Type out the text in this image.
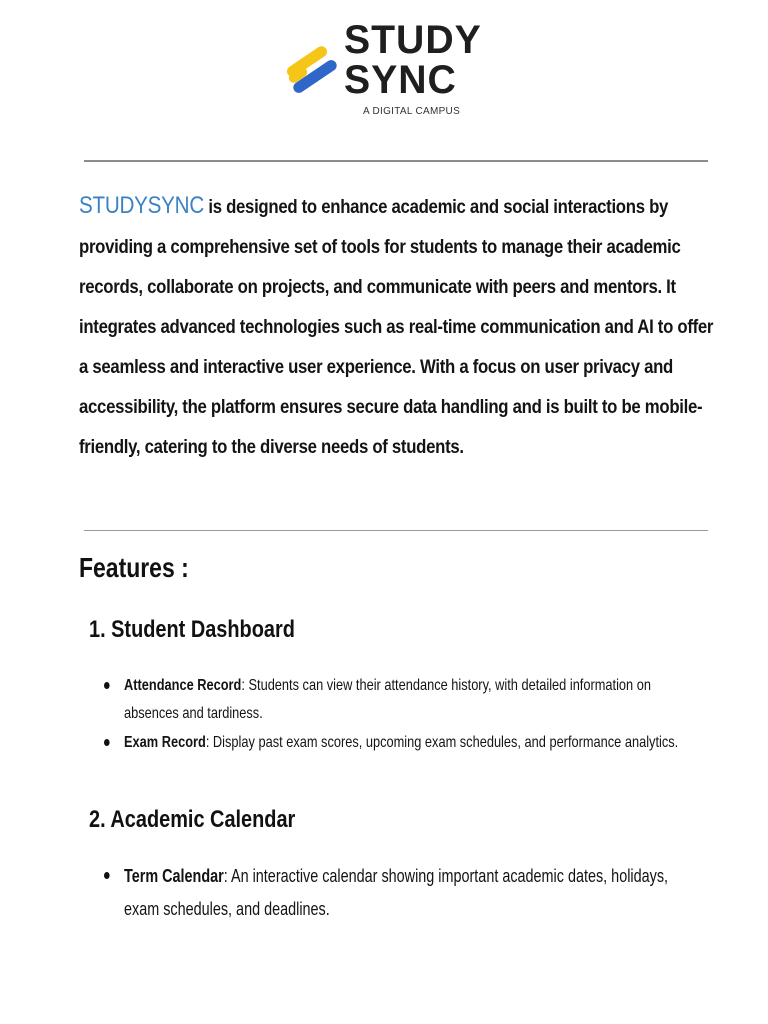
STUDY
SYNC
A DIGITAL CAMPUS
STUDYSYNC is designed to enhance academic and social interactions by providing a comprehensive set of tools for students to manage their academic records, collaborate on projects, and communicate with peers and mentors. It integrates advanced technologies such as real-time communication and AI to offer a seamless and interactive user experience. With a focus on user privacy and accessibility, the platform ensures secure data handling and is built to be mobile-friendly, catering to the diverse needs of students.
Features :
1. Student Dashboard
Attendance Record: Students can view their attendance history, with detailed information on absences and tardiness.
Exam Record: Display past exam scores, upcoming exam schedules, and performance analytics.
2. Academic Calendar
Term Calendar: An interactive calendar showing important academic dates, holidays, exam schedules, and deadlines.
